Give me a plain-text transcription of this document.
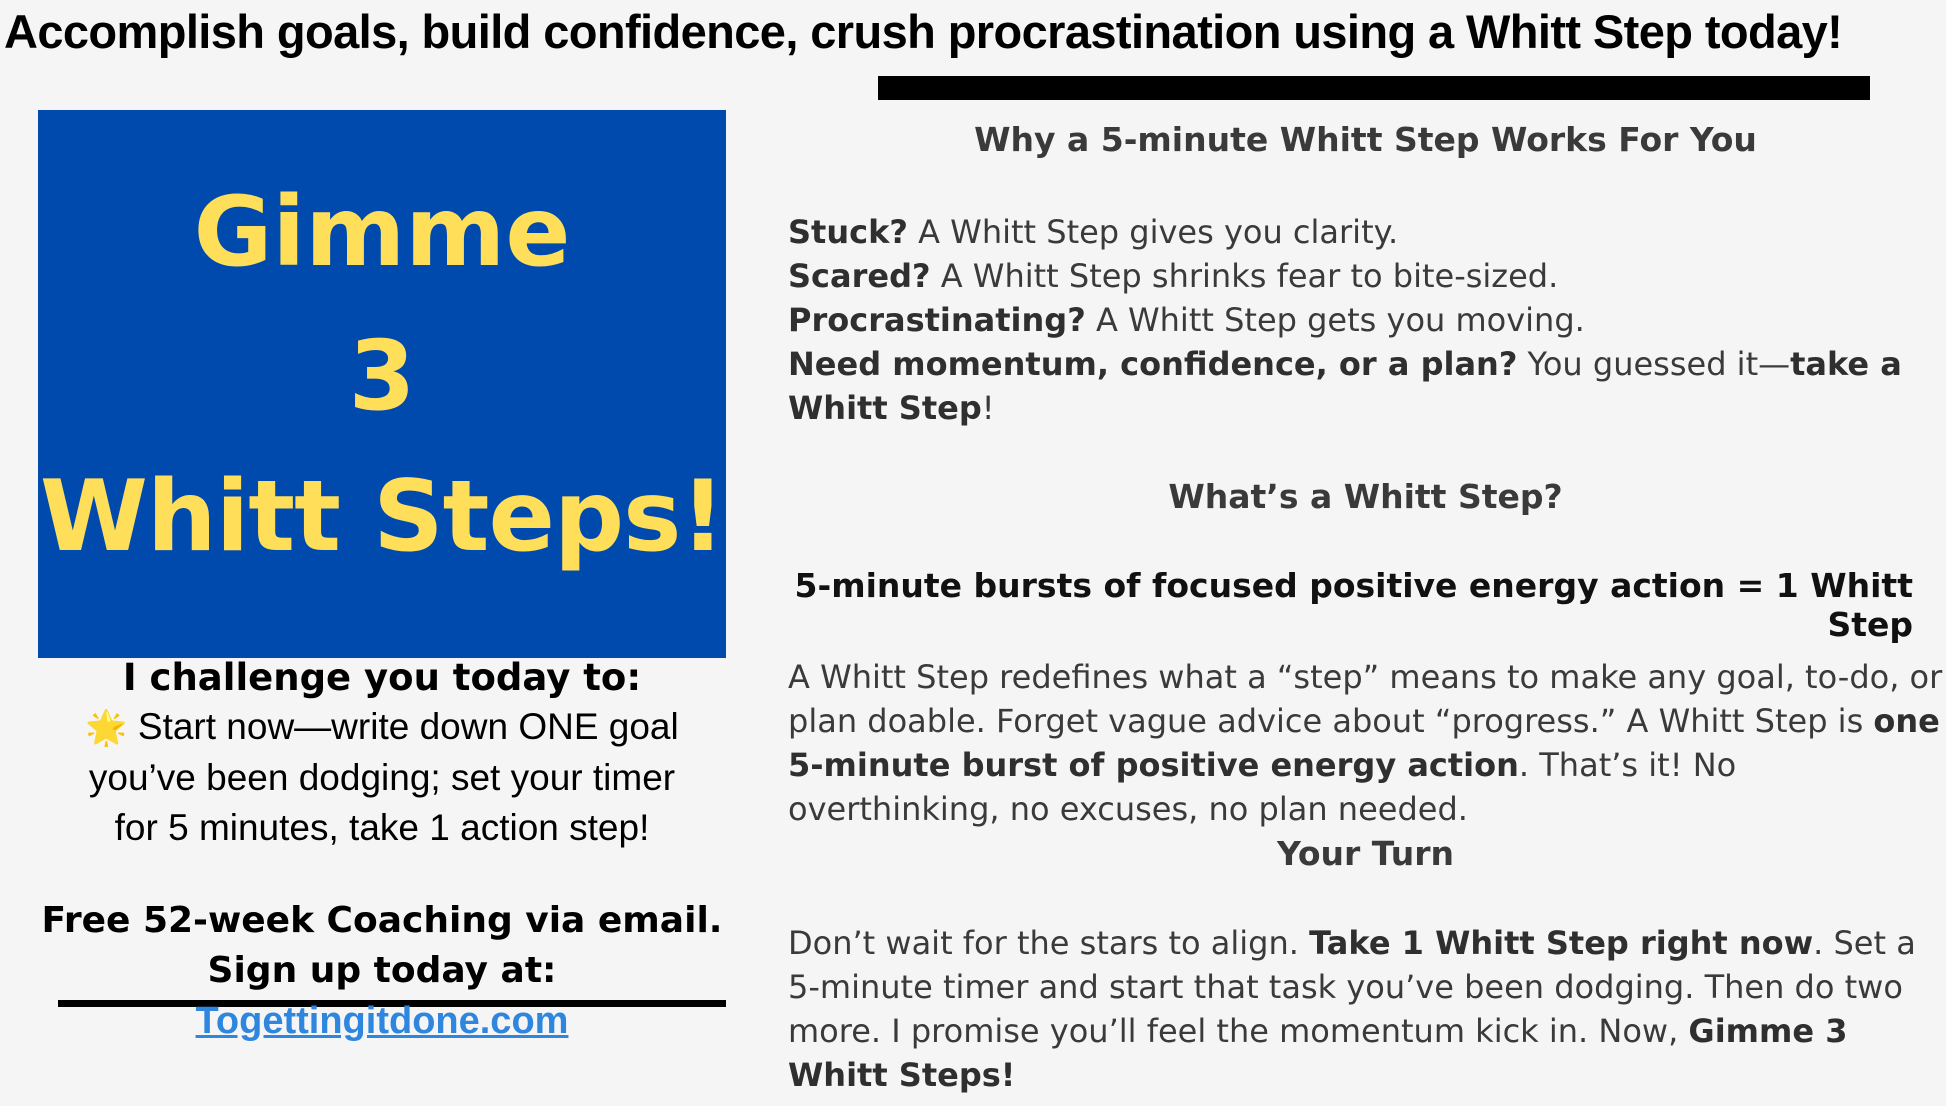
Accomplish goals, build confidence, crush procrastination using a Whitt Step today!
Gimme
3
Whitt Steps!
I challenge you today to:
🌟 Start now—write down ONE goal you’ve been dodging; set your timer for 5 minutes, take 1 action step!
Free 52-week Coaching via email.
Sign up today at:
Togettingitdone.com
Why a 5-minute Whitt Step Works For You
Stuck? A Whitt Step gives you clarity.
Scared? A Whitt Step shrinks fear to bite-sized.
Procrastinating? A Whitt Step gets you moving.
Need momentum, confidence, or a plan? You guessed it—take a Whitt Step!
What’s a Whitt Step?
5-minute bursts of focused positive energy action = 1 Whitt Step
A Whitt Step redefines what a “step” means to make any goal, to-do, or plan doable. Forget vague advice about “progress.” A Whitt Step is one 5-minute burst of positive energy action. That’s it! No overthinking, no excuses, no plan needed.
Your Turn
Don’t wait for the stars to align. Take 1 Whitt Step right now. Set a 5-minute timer and start that task you’ve been dodging. Then do two more. I promise you’ll feel the momentum kick in. Now, Gimme 3 Whitt Steps!
